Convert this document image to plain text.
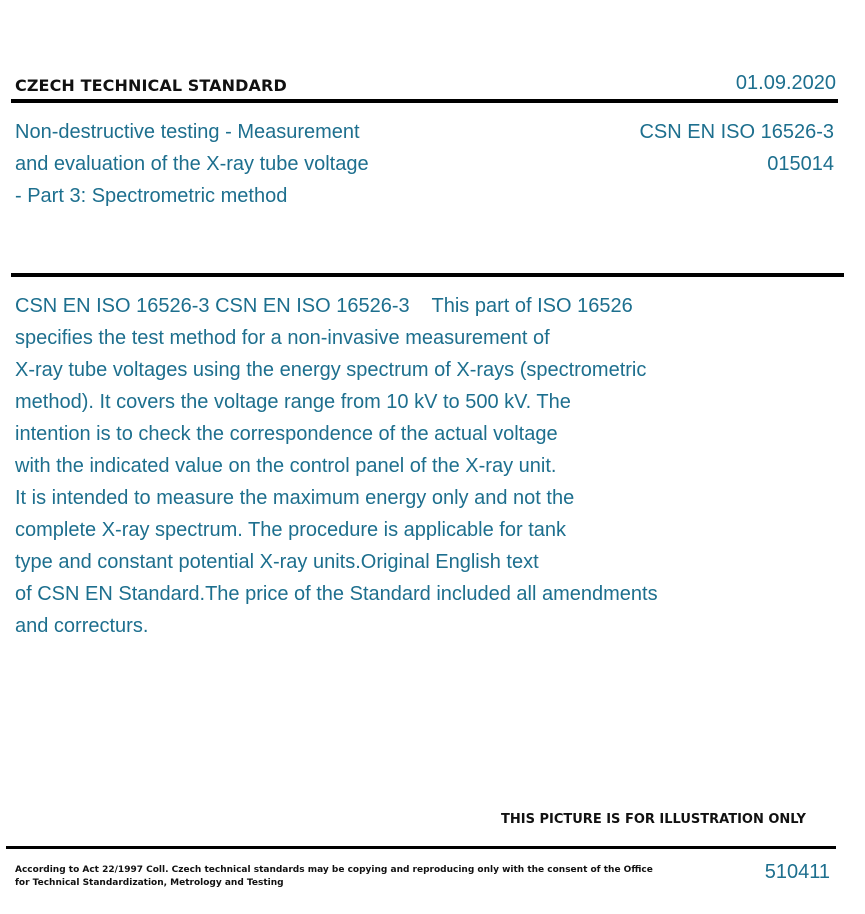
CZECH TECHNICAL STANDARD	01.09.2020
Non-destructive testing - Measurement
and evaluation of the X-ray tube voltage
- Part 3: Spectrometric method
CSN EN ISO 16526-3
015014
CSN EN ISO 16526-3 CSN EN ISO 16526-3    This part of ISO 16526
specifies the test method for a non-invasive measurement of
X-ray tube voltages using the energy spectrum of X-rays (spectrometric
method). It covers the voltage range from 10 kV to 500 kV. The
intention is to check the correspondence of the actual voltage
with the indicated value on the control panel of the X-ray unit.
It is intended to measure the maximum energy only and not the
complete X-ray spectrum. The procedure is applicable for tank
type and constant potential X-ray units.Original English text
of CSN EN Standard.The price of the Standard included all amendments
and correcturs.
THIS PICTURE IS FOR ILLUSTRATION ONLY
According to Act 22/1997 Coll. Czech technical standards may be copying and reproducing only with the consent of the Office
for Technical Standardization, Metrology and Testing	510411
